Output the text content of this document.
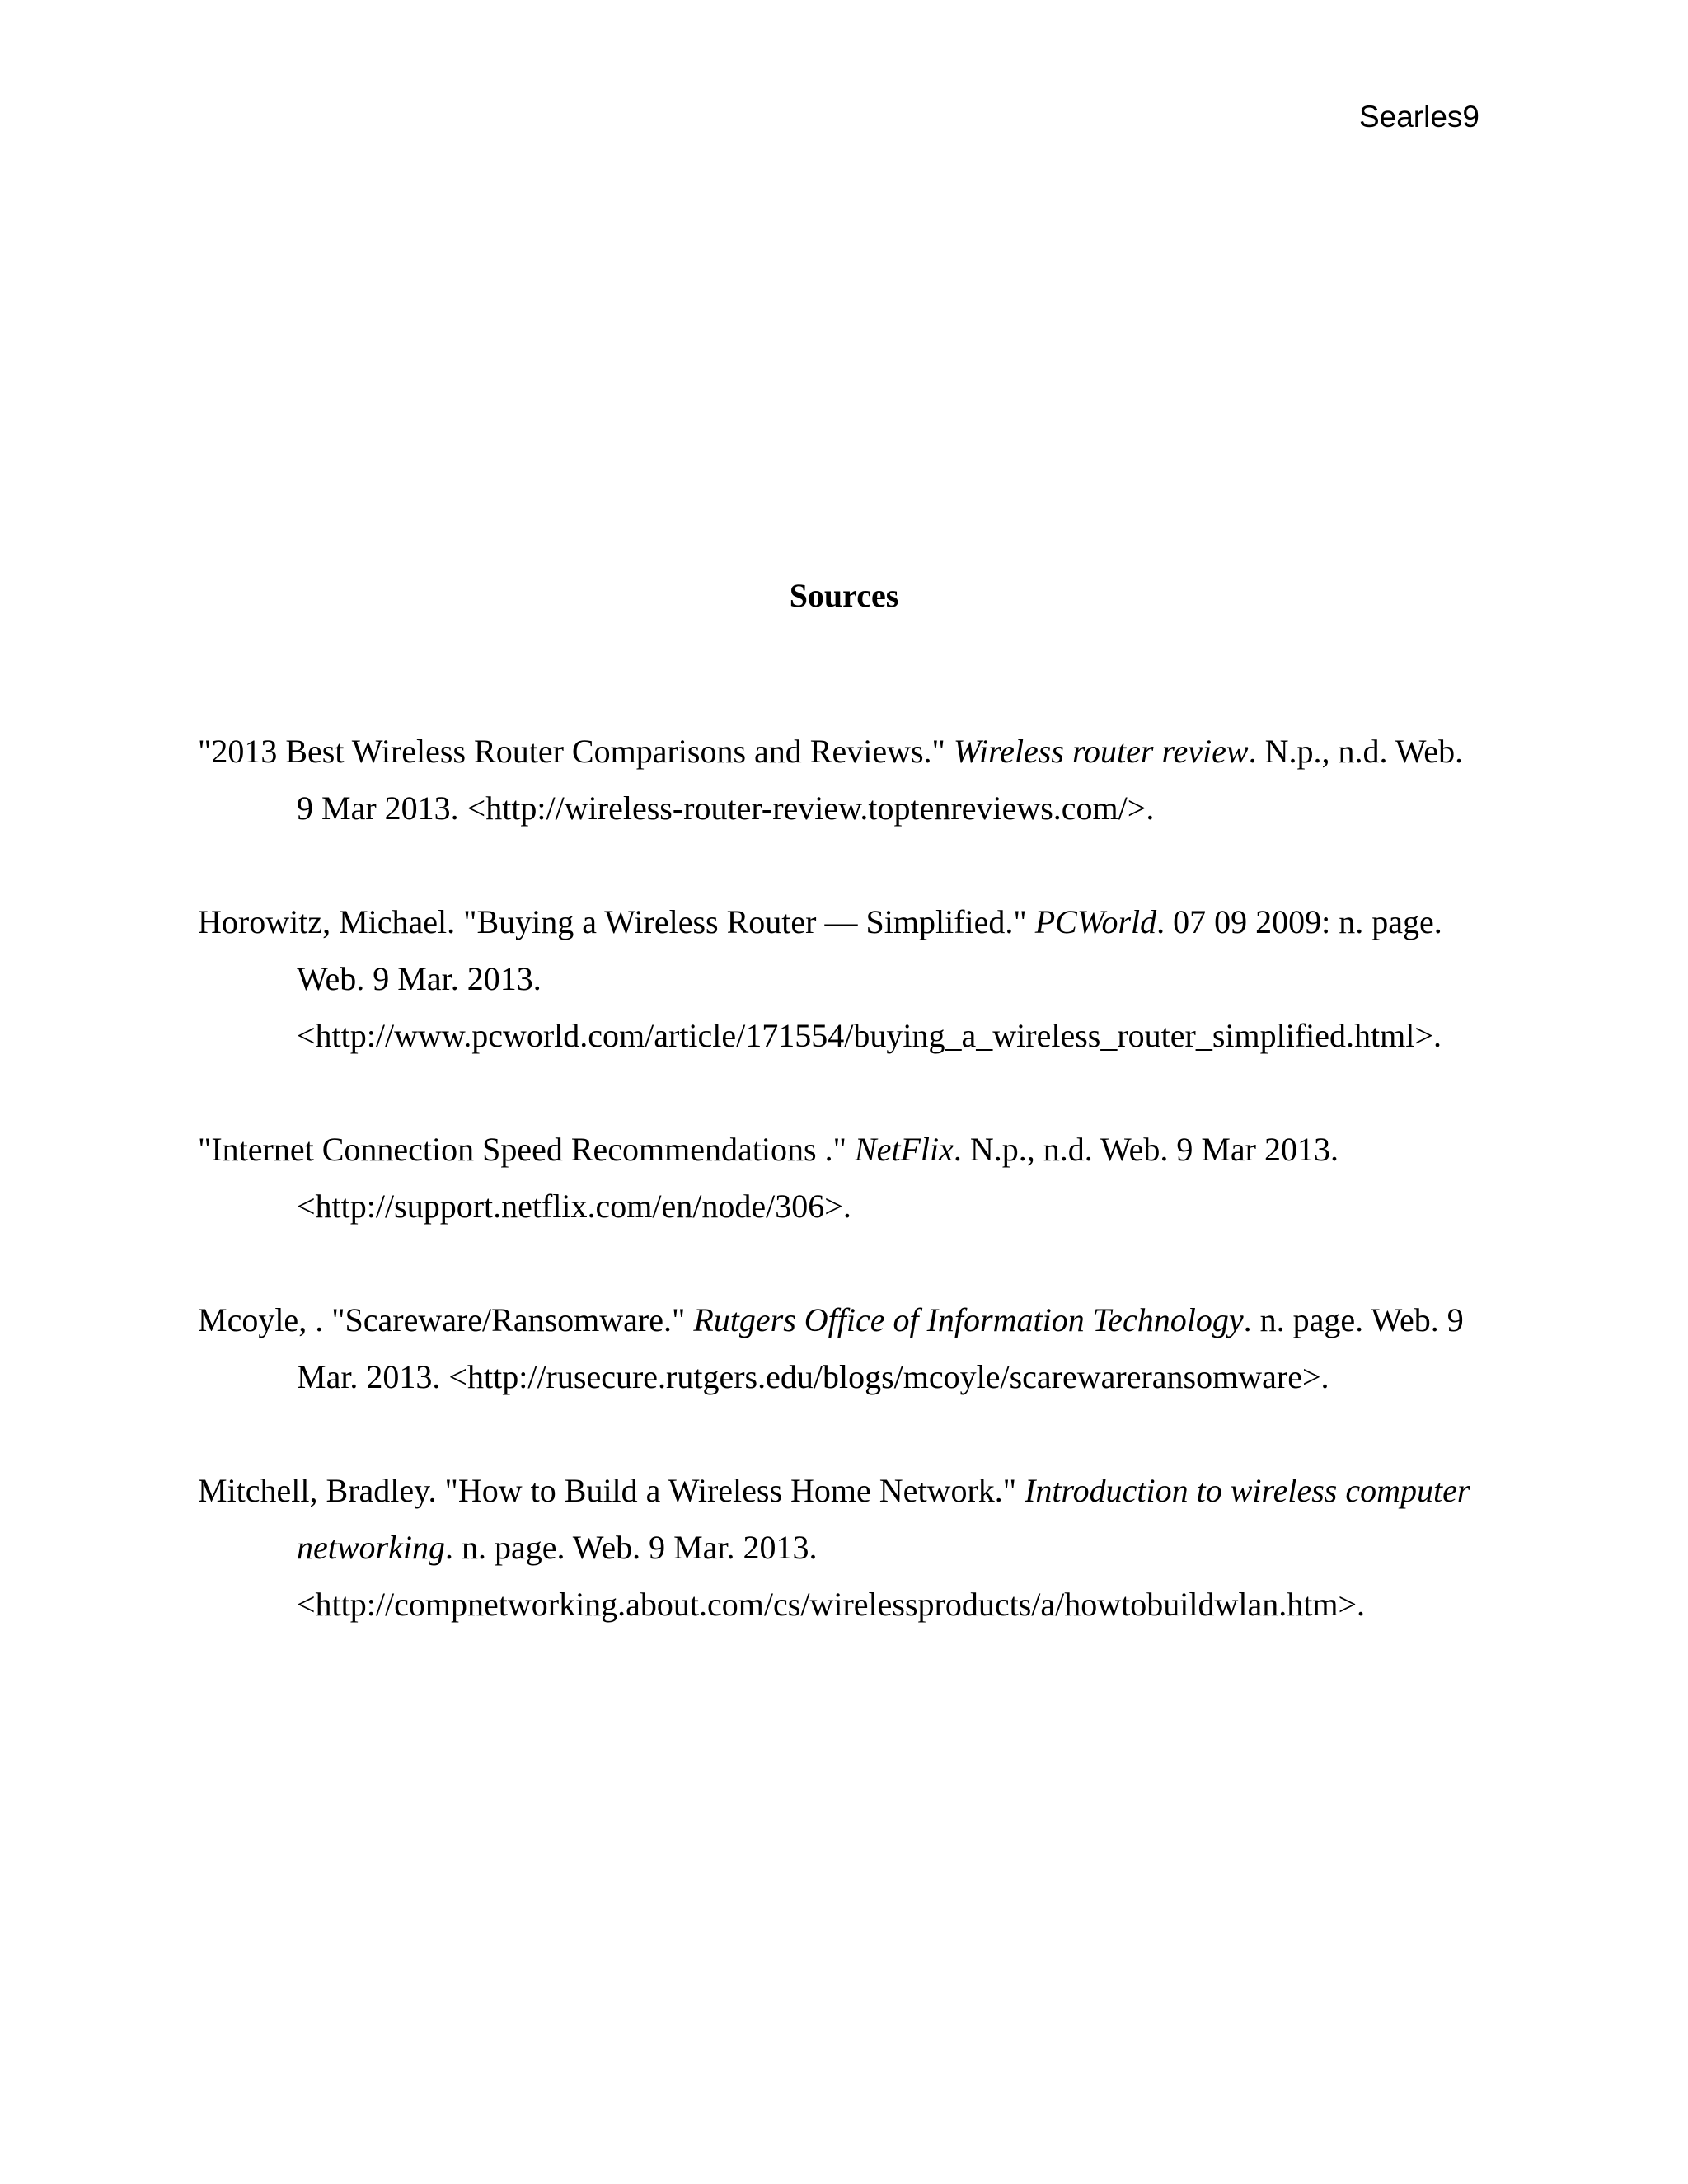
Searles9
Sources
"2013 Best Wireless Router Comparisons and Reviews." Wireless router review. N.p., n.d. Web.
9 Mar 2013. <http://wireless-router-review.toptenreviews.com/>.
Horowitz, Michael. "Buying a Wireless Router — Simplified." PCWorld. 07 09 2009: n. page.
Web. 9 Mar. 2013.
<http://www.pcworld.com/article/171554/buying_a_wireless_router_simplified.html>.
"Internet Connection Speed Recommendations ." NetFlix. N.p., n.d. Web. 9 Mar 2013.
<http://support.netflix.com/en/node/306>.
Mcoyle, . "Scareware/Ransomware." Rutgers Office of Information Technology. n. page. Web. 9
Mar. 2013. <http://rusecure.rutgers.edu/blogs/mcoyle/scarewareransomware>.
Mitchell, Bradley. "How to Build a Wireless Home Network." Introduction to wireless computer
networking. n. page. Web. 9 Mar. 2013.
<http://compnetworking.about.com/cs/wirelessproducts/a/howtobuildwlan.htm>.
